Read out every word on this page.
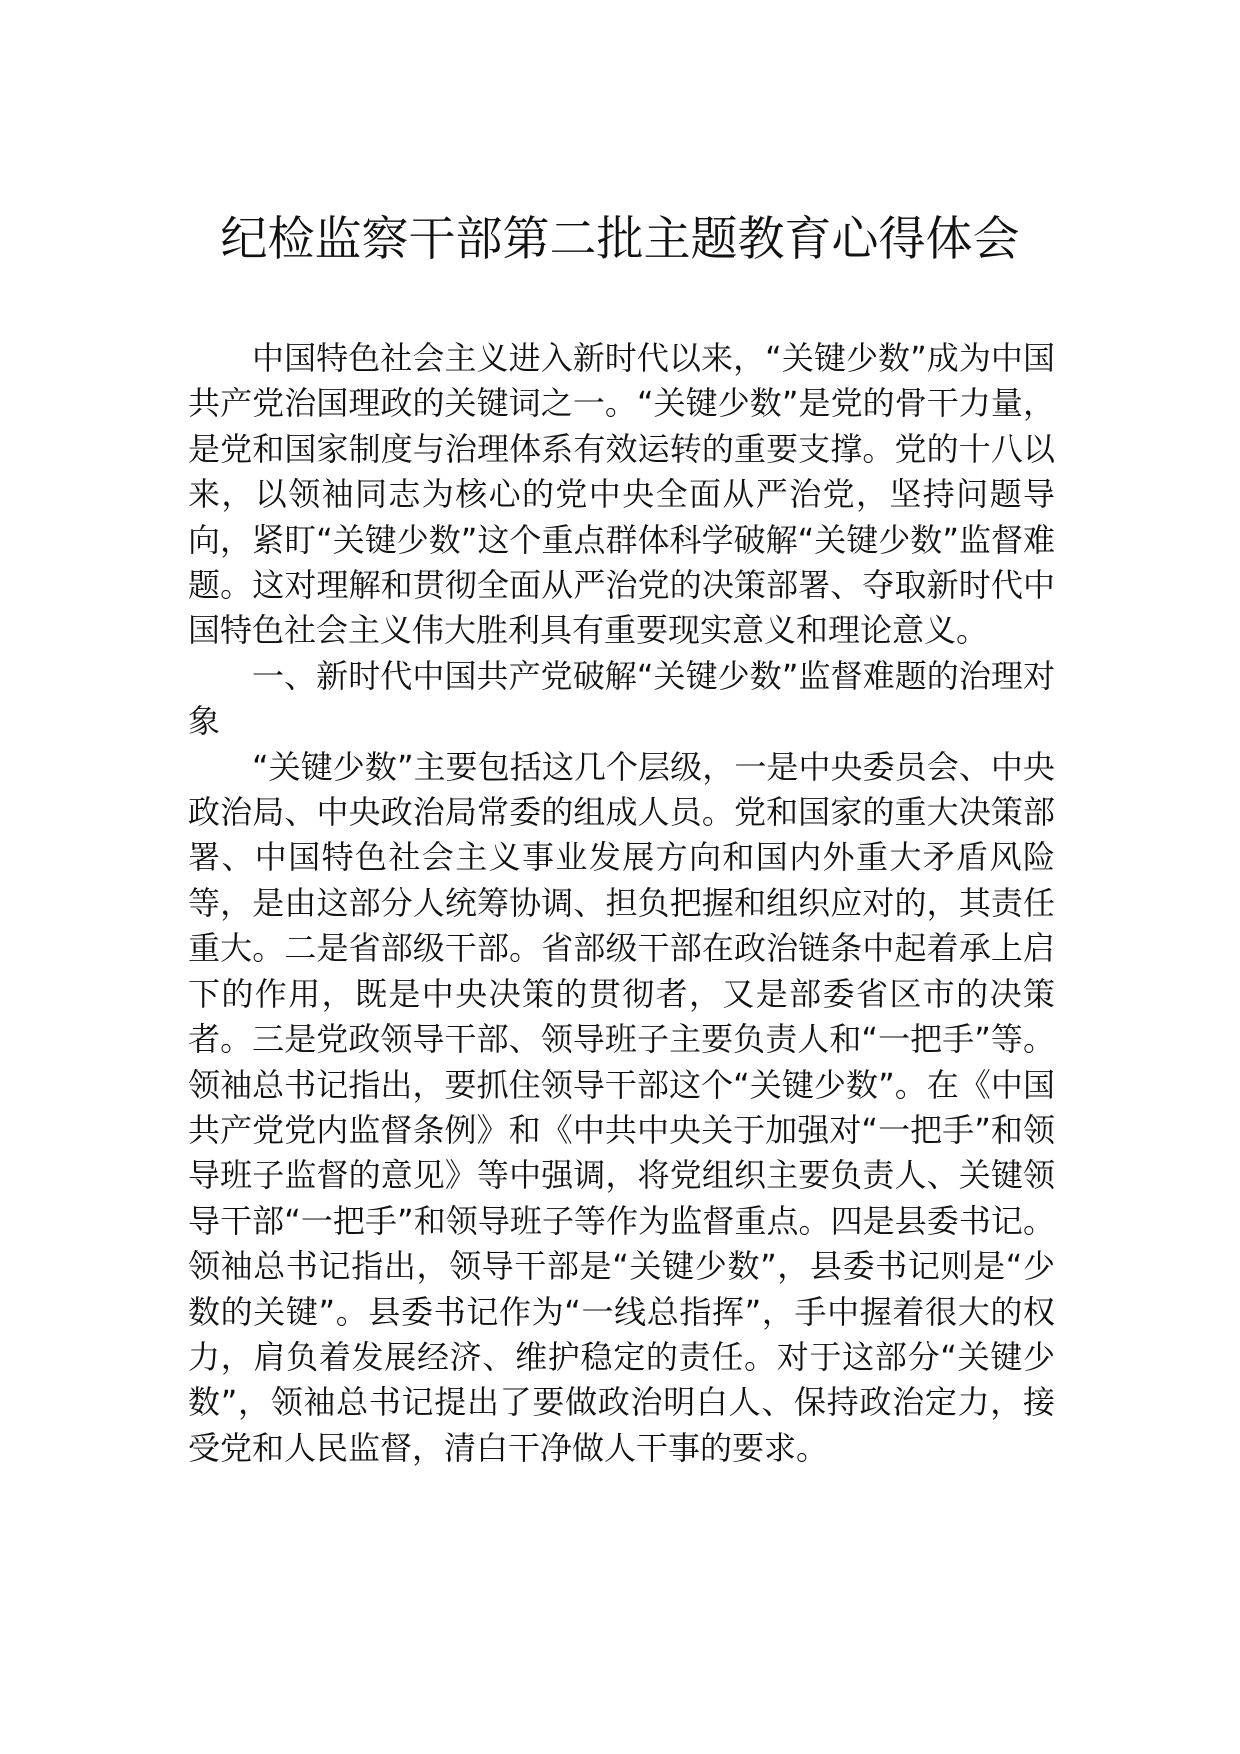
纪检监察干部第二批主题教育心得体会

中国特色社会主义进入新时代以来，“关键少数”成为中国共产党治国理政的关键词之一。“关键少数”是党的骨干力量，是党和国家制度与治理体系有效运转的重要支撑。党的十八以来，以领袖同志为核心的党中央全面从严治党，坚持问题导向，紧盯“关键少数”这个重点群体科学破解“关键少数”监督难题。这对理解和贯彻全面从严治党的决策部署、夺取新时代中国特色社会主义伟大胜利具有重要现实意义和理论意义。

一、新时代中国共产党破解“关键少数”监督难题的治理对象

“关键少数”主要包括这几个层级，一是中央委员会、中央政治局、中央政治局常委的组成人员。党和国家的重大决策部署、中国特色社会主义事业发展方向和国内外重大矛盾风险等，是由这部分人统筹协调、担负把握和组织应对的，其责任重大。二是省部级干部。省部级干部在政治链条中起着承上启下的作用，既是中央决策的贯彻者，又是部委省区市的决策者。三是党政领导干部、领导班子主要负责人和“一把手”等。领袖总书记指出，要抓住领导干部这个“关键少数”。在《中国共产党党内监督条例》和《中共中央关于加强对“一把手”和领导班子监督的意见》等中强调，将党组织主要负责人、关键领导干部“一把手”和领导班子等作为监督重点。四是县委书记。领袖总书记指出，领导干部是“关键少数”，县委书记则是“少数的关键”。县委书记作为“一线总指挥”，手中握着很大的权力，肩负着发展经济、维护稳定的责任。对于这部分“关键少数”，领袖总书记提出了要做政治明白人、保持政治定力，接受党和人民监督，清白干净做人干事的要求。
